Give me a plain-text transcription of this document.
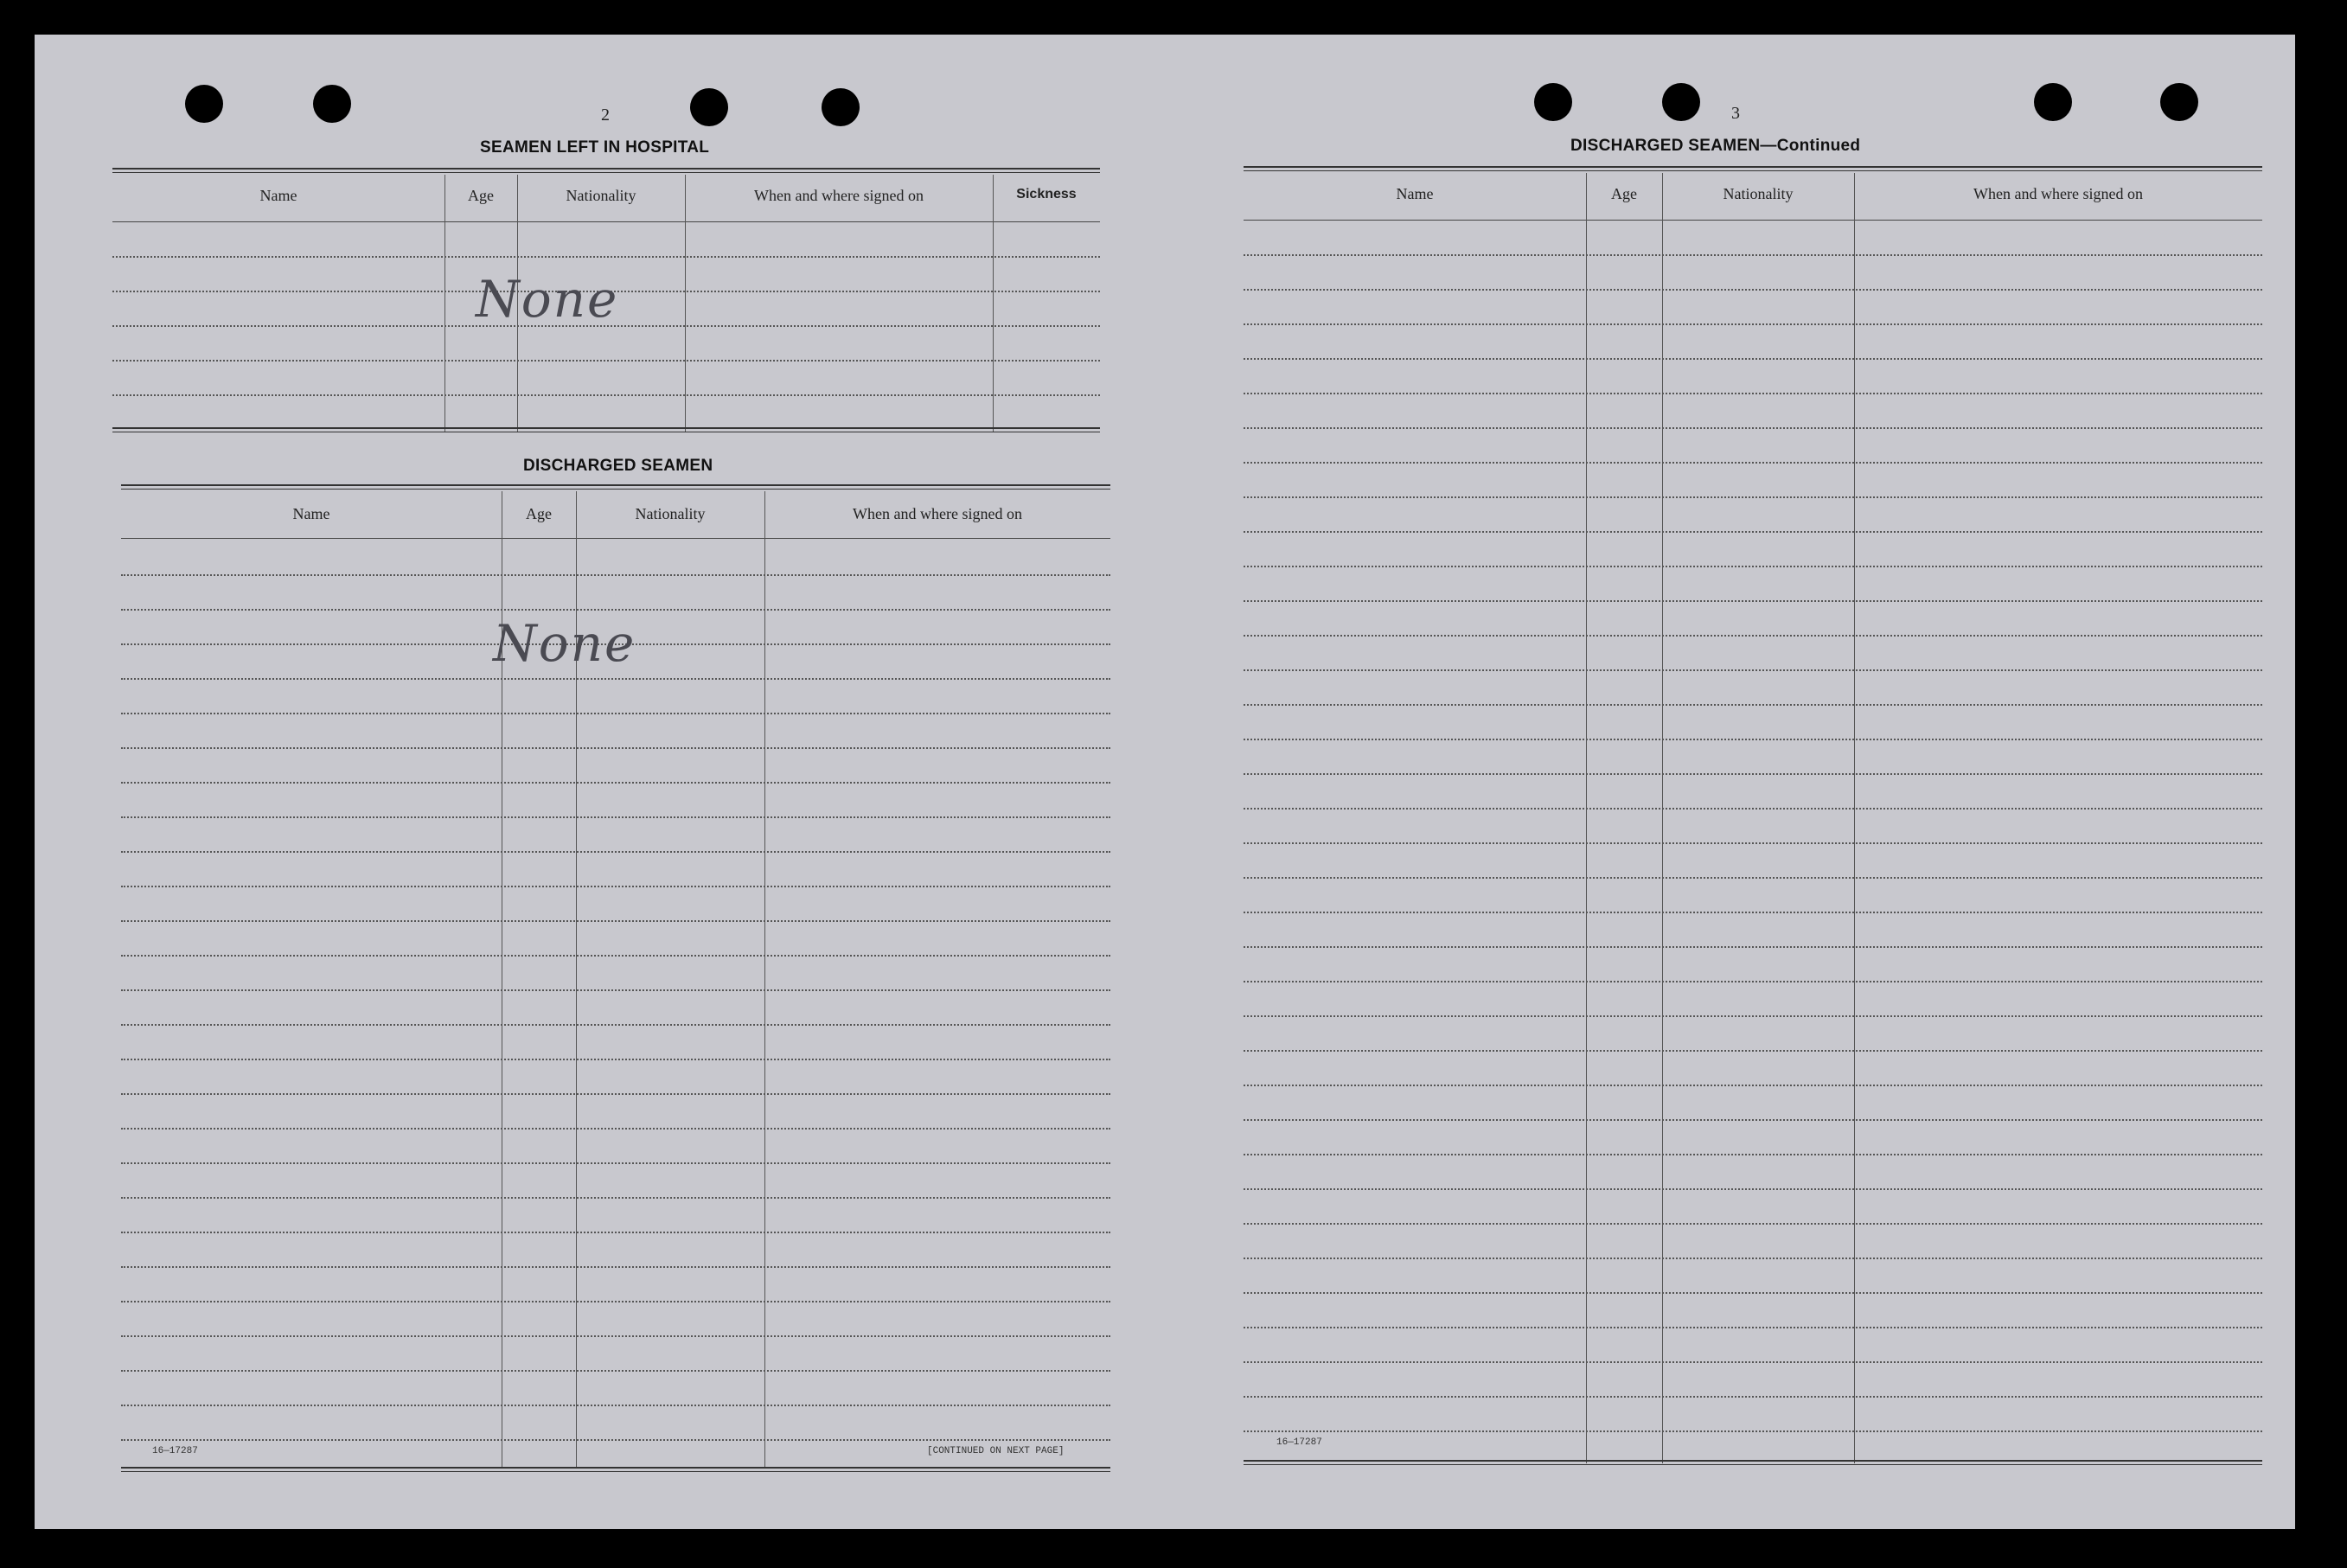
2
SEAMEN LEFT IN HOSPITAL
Name	Age	Nationality	When and where signed on	Sickness
None
DISCHARGED SEAMEN
Name	Age	Nationality	When and where signed on
None
16—17287	[CONTINUED ON NEXT PAGE]
3
DISCHARGED SEAMEN—Continued
Name	Age	Nationality	When and where signed on
16—17287
